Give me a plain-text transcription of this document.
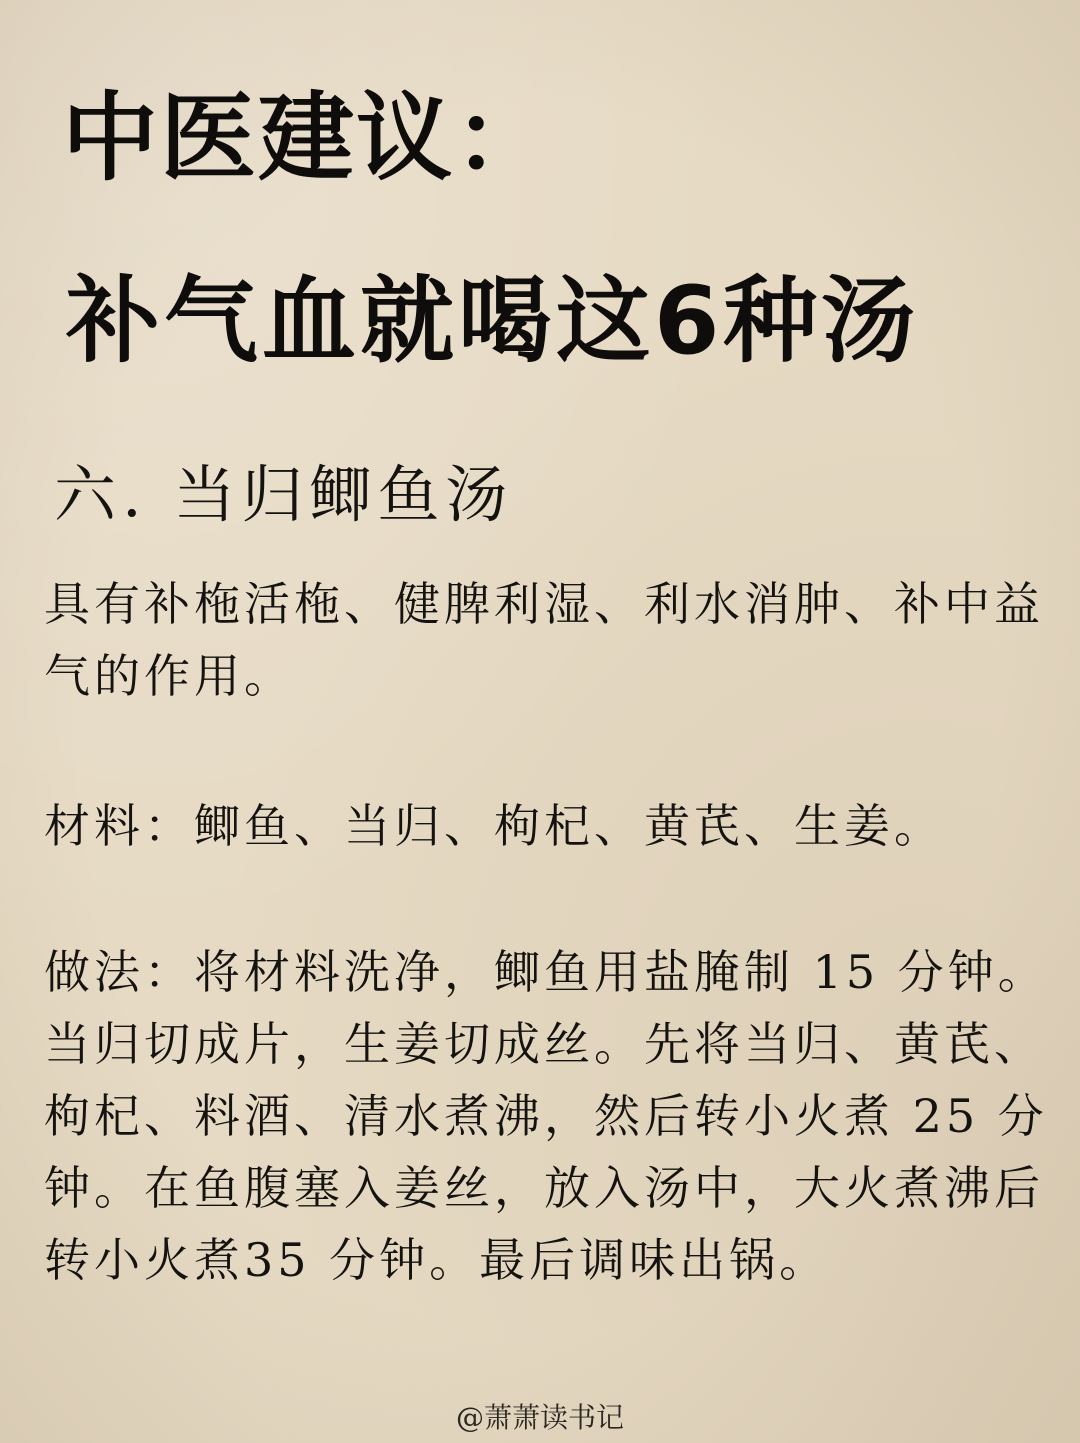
中医建议：
补气血就喝这6种汤
六. 当归鲫鱼汤
具有补柂活柂、健脾利湿、利水消肿、补中益气的作用。
材料：鲫鱼、当归、枸杞、黄芪、生姜。
做法：将材料洗净，鲫鱼用盐腌制 15 分钟。当归切成片，生姜切成丝。先将当归、黄芪、枸杞、料酒、清水煮沸，然后转小火煮 25 分钟。在鱼腹塞入姜丝，放入汤中，大火煮沸后转小火煮35 分钟。最后调味出锅。
@萧萧读书记
